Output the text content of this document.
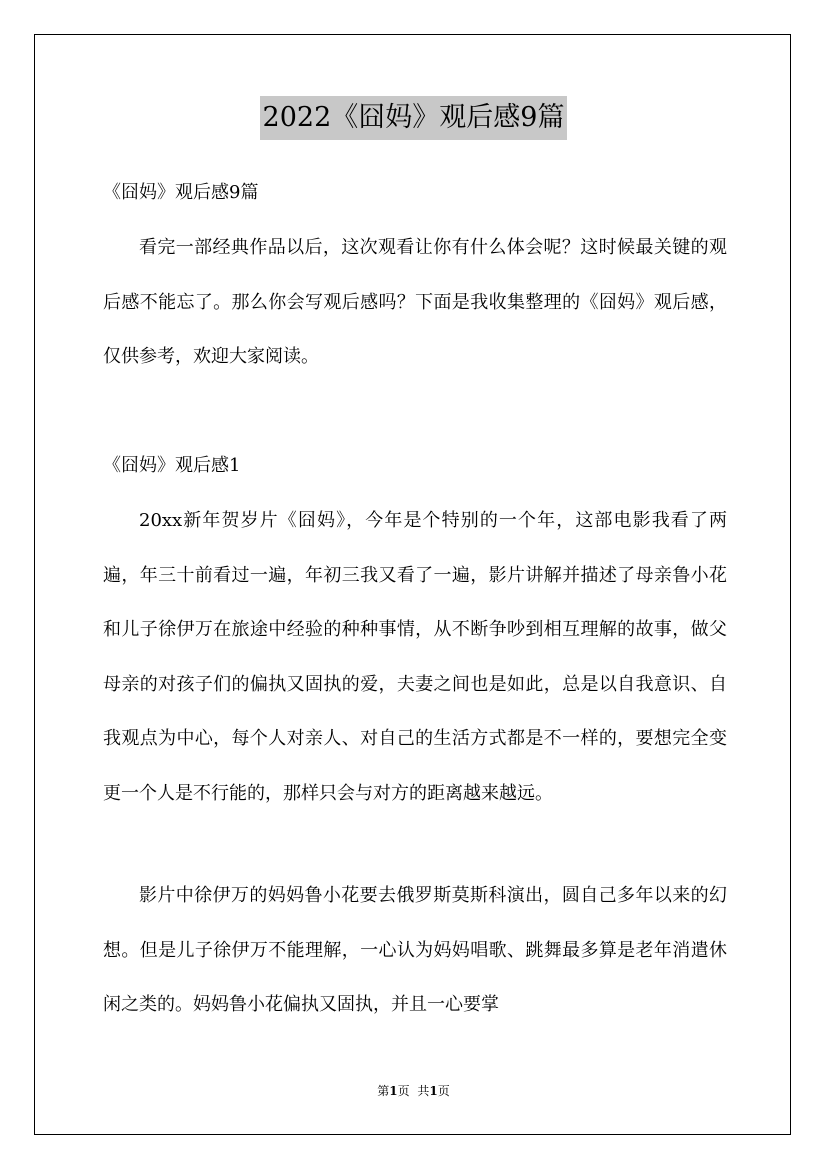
2022《囧妈》观后感9篇
《囧妈》观后感9篇

看完一部经典作品以后，这次观看让你有什么体会呢？这时候最关键的观后感不能忘了。那么你会写观后感吗？下面是我收集整理的《囧妈》观后感，仅供参考，欢迎大家阅读。

《囧妈》观后感1

20xx新年贺岁片《囧妈》，今年是个特别的一个年，这部电影我看了两遍，年三十前看过一遍，年初三我又看了一遍，影片讲解并描述了母亲鲁小花和儿子徐伊万在旅途中经验的种种事情，从不断争吵到相互理解的故事，做父母亲的对孩子们的偏执又固执的爱，夫妻之间也是如此，总是以自我意识、自我观点为中心，每个人对亲人、对自己的生活方式都是不一样的，要想完全变更一个人是不行能的，那样只会与对方的距离越来越远。

影片中徐伊万的妈妈鲁小花要去俄罗斯莫斯科演出，圆自己多年以来的幻想。但是儿子徐伊万不能理解，一心认为妈妈唱歌、跳舞最多算是老年消遣休闲之类的。妈妈鲁小花偏执又固执，并且一心要掌

第1页 共1页
